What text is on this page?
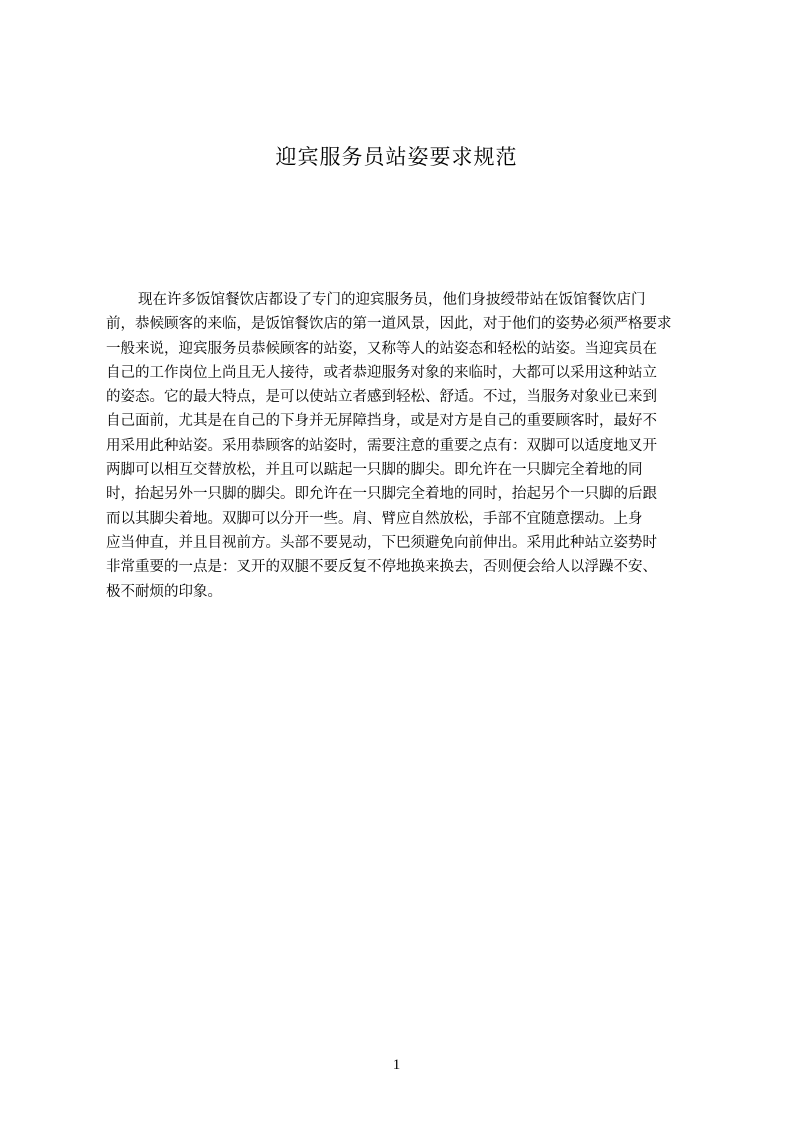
迎宾服务员站姿要求规范
现在许多饭馆餐饮店都设了专门的迎宾服务员，他们身披绶带站在饭馆餐饮店门
前，恭候顾客的来临，是饭馆餐饮店的第一道风景，因此，对于他们的姿势必须严格要求
一般来说，迎宾服务员恭候顾客的站姿，又称等人的站姿态和轻松的站姿。当迎宾员在
自己的工作岗位上尚且无人接待，或者恭迎服务对象的来临时，大都可以采用这种站立
的姿态。它的最大特点，是可以使站立者感到轻松、舒适。不过，当服务对象业已来到
自己面前，尤其是在自己的下身并无屏障挡身，或是对方是自己的重要顾客时，最好不
用采用此种站姿。采用恭顾客的站姿时，需要注意的重要之点有：双脚可以适度地叉开
两脚可以相互交替放松，并且可以踮起一只脚的脚尖。即允许在一只脚完全着地的同
时，抬起另外一只脚的脚尖。即允许在一只脚完全着地的同时，抬起另个一只脚的后跟
而以其脚尖着地。双脚可以分开一些。肩、臂应自然放松，手部不宜随意摆动。上身
应当伸直，并且目视前方。头部不要晃动，下巴须避免向前伸出。采用此种站立姿势时
非常重要的一点是：叉开的双腿不要反复不停地换来换去，否则便会给人以浮躁不安、
极不耐烦的印象。
1
